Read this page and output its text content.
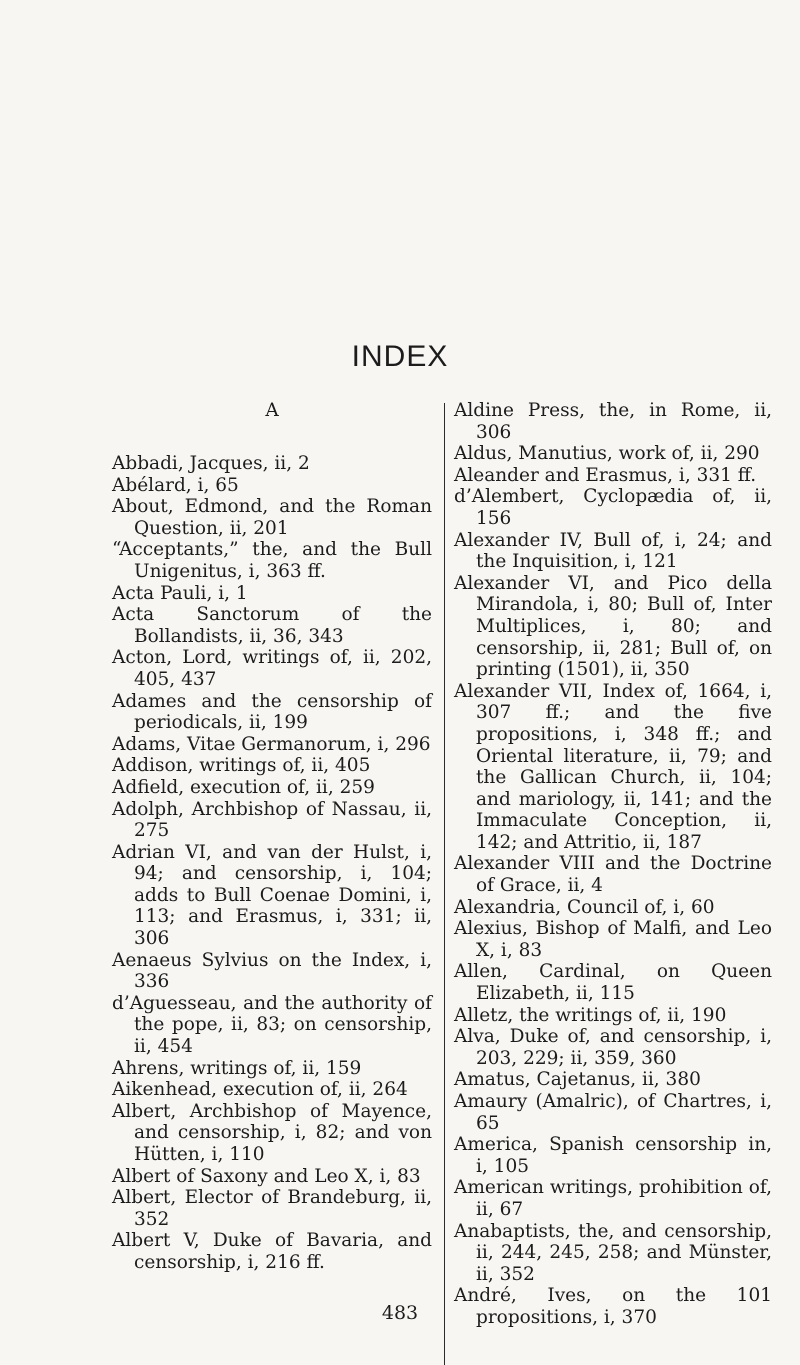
INDEX
A
Abbadi, Jacques, ii, 2
Abélard, i, 65
About, Edmond, and the Roman Question, ii, 201
“Acceptants,” the, and the Bull Unigenitus, i, 363 ff.
Acta Pauli, i, 1
Acta Sanctorum of the Bollandists, ii, 36, 343
Acton, Lord, writings of, ii, 202, 405, 437
Adames and the censorship of periodicals, ii, 199
Adams, Vitae Germanorum, i, 296
Addison, writings of, ii, 405
Adfield, execution of, ii, 259
Adolph, Archbishop of Nassau, ii, 275
Adrian VI, and van der Hulst, i, 94; and censorship, i, 104; adds to Bull Coenae Domini, i, 113; and Erasmus, i, 331; ii, 306
Aenaeus Sylvius on the Index, i, 336
d’Aguesseau, and the authority of the pope, ii, 83; on censorship, ii, 454
Ahrens, writings of, ii, 159
Aikenhead, execution of, ii, 264
Albert, Archbishop of Mayence, and censorship, i, 82; and von Hütten, i, 110
Albert of Saxony and Leo X, i, 83
Albert, Elector of Brandeburg, ii, 352
Albert V, Duke of Bavaria, and censorship, i, 216 ff.
Aldine Press, the, in Rome, ii, 306
Aldus, Manutius, work of, ii, 290
Aleander and Erasmus, i, 331 ff.
d’Alembert, Cyclopædia of, ii, 156
Alexander IV, Bull of, i, 24; and the Inquisition, i, 121
Alexander VI, and Pico della Mirandola, i, 80; Bull of, Inter Multiplices, i, 80; and censorship, ii, 281; Bull of, on printing (1501), ii, 350
Alexander VII, Index of, 1664, i, 307 ff.; and the five propositions, i, 348 ff.; and Oriental literature, ii, 79; and the Gallican Church, ii, 104; and mariology, ii, 141; and the Immaculate Conception, ii, 142; and Attritio, ii, 187
Alexander VIII and the Doctrine of Grace, ii, 4
Alexandria, Council of, i, 60
Alexius, Bishop of Malfi, and Leo X, i, 83
Allen, Cardinal, on Queen Elizabeth, ii, 115
Alletz, the writings of, ii, 190
Alva, Duke of, and censorship, i, 203, 229; ii, 359, 360
Amatus, Cajetanus, ii, 380
Amaury (Amalric), of Chartres, i, 65
America, Spanish censorship in, i, 105
American writings, prohibition of, ii, 67
Anabaptists, the, and censorship, ii, 244, 245, 258; and Münster, ii, 352
André, Ives, on the 101 propositions, i, 370
483
